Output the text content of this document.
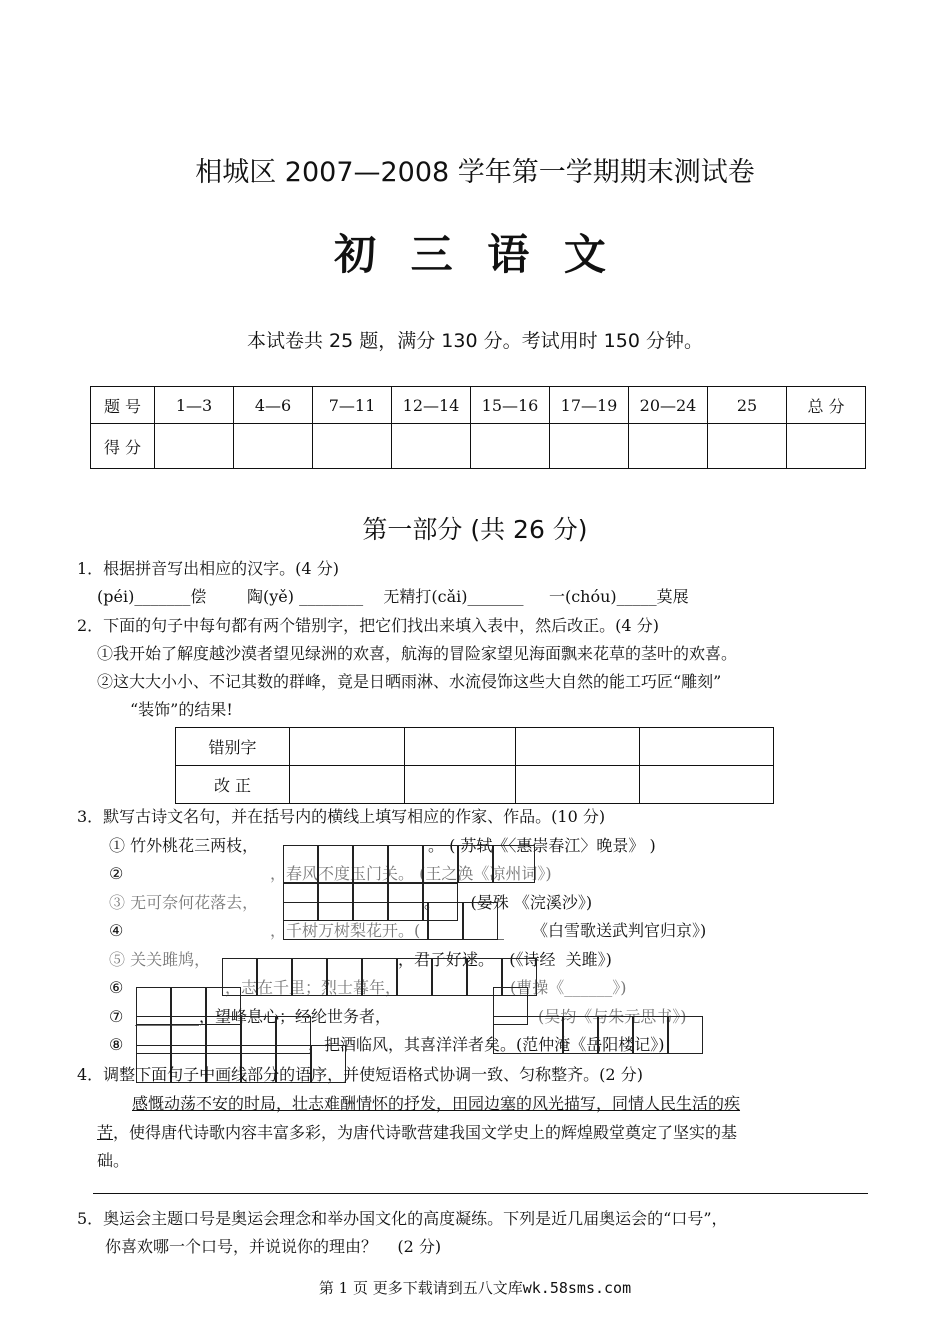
相城区 2007—2008 学年第一学期期末测试卷
初 三 语 文
本试卷共 25 题，满分 130 分。考试用时 150 分钟。
题 号	1—3	4—6	7—11	12—14	15—16	17—19	20—24	25	总 分
得 分									
第一部分 (共 26 分)
1．根据拼音写出相应的汉字。(4 分)
(péi)_______偿        陶(yě) ________    无精打(cǎi)_______     一(chóu)_____莫展
2．下面的句子中每句都有两个错别字，把它们找出来填入表中，然后改正。(4 分)
①我开始了解度越沙漠者望见绿洲的欢喜，航海的冒险家望见海面飘来花草的茎叶的欢喜。
②这大大小小、不记其数的群峰，竟是日晒雨淋、水流侵饰这些大自然的能工巧匠“雕刻”
“装饰”的结果!
错别字				
改 正				
3．默写古诗文名句，并在括号内的横线上填写相应的作家、作品。(10 分)
① 竹外桃花三两枝，	。 ( 苏轼《〈惠崇春江〉晚景》 )
②	，春风不度玉门关。 (王之涣《凉州词》)
③ 无可奈何花落去，	。      (晏殊 《浣溪沙》)
④	，千树万树梨花开。( ________ 《白雪歌送武判官归京》)
⑤ 关关雎鸠，	，君子好逑。   (《诗经  关雎》)
⑥	，志在千里；烈士暮年，	(曹操《______》)
⑦ ________，望峰息心；经纶世务者，	(吴均《与朱元思书》)
⑧	，把酒临风，其喜洋洋者矣。(范仲淹《岳阳楼记》)
4．调整下面句子中画线部分的语序，并使短语格式协调一致、匀称整齐。(2 分)
感慨动荡不安的时局，壮志难酬情怀的抒发，田园边塞的风光描写，同情人民生活的疾
苦，使得唐代诗歌内容丰富多彩，为唐代诗歌营建我国文学史上的辉煌殿堂奠定了坚实的基
础。
5．奥运会主题口号是奥运会理念和举办国文化的高度凝练。下列是近几届奥运会的“口号”，
你喜欢哪一个口号，并说说你的理由？    (2 分)
第 1 页 更多下载请到五八文库wk.58sms.com
